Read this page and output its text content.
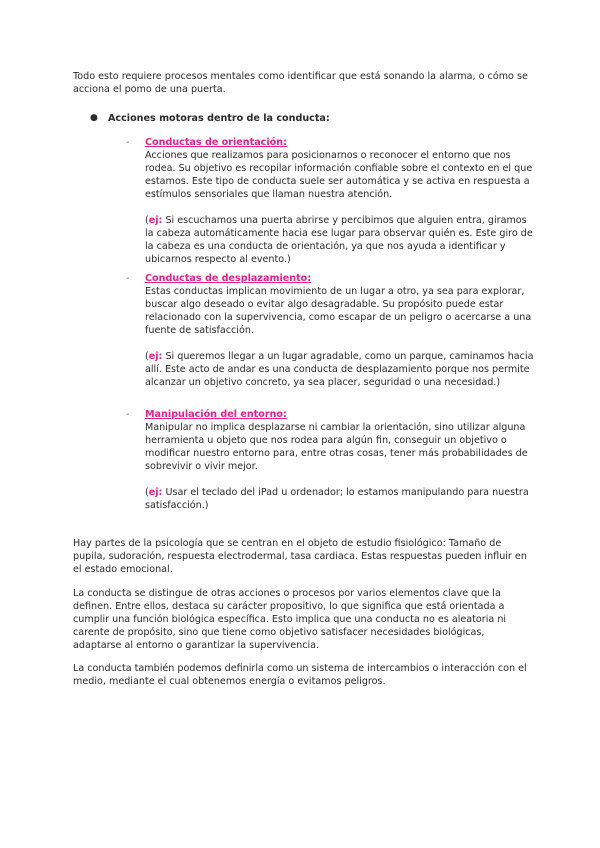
Todo esto requiere procesos mentales como identificar que está sonando la alarma, o cómo se acciona el pomo de una puerta.

● Acciones motoras dentro de la conducta:
- Conductas de orientación:

Acciones que realizamos para posicionarnos o reconocer el entorno que nos rodea. Su objetivo es recopilar información confiable sobre el contexto en el que estamos. Este tipo de conducta suele ser automática y se activa en respuesta a estímulos sensoriales que llaman nuestra atención.

(ej: Si escuchamos una puerta abrirse y percibimos que alguien entra, giramos la cabeza automáticamente hacia ese lugar para observar quién es. Este giro de la cabeza es una conducta de orientación, ya que nos ayuda a identificar y ubicarnos respecto al evento.)

- Conductas de desplazamiento:

Estas conductas implican movimiento de un lugar a otro, ya sea para explorar, buscar algo deseado o evitar algo desagradable. Su propósito puede estar relacionado con la supervivencia, como escapar de un peligro o acercarse a una fuente de satisfacción.

(ej: Si queremos llegar a un lugar agradable, como un parque, caminamos hacia allí. Este acto de andar es una conducta de desplazamiento porque nos permite alcanzar un objetivo concreto, ya sea placer, seguridad o una necesidad.)

- Manipulación del entorno:

Manipular no implica desplazarse ni cambiar la orientación, sino utilizar alguna herramienta u objeto que nos rodea para algún fin, conseguir un objetivo o modificar nuestro entorno para, entre otras cosas, tener más probabilidades de sobrevivir o vivir mejor.

(ej: Usar el teclado del iPad u ordenador; lo estamos manipulando para nuestra satisfacción.)

Hay partes de la psicología que se centran en el objeto de estudio fisiológico: Tamaño de pupila, sudoración, respuesta electrodermal, tasa cardiaca. Estas respuestas pueden influir en el estado emocional.

La conducta se distingue de otras acciones o procesos por varios elementos clave que la definen. Entre ellos, destaca su carácter propositivo, lo que significa que está orientada a cumplir una función biológica específica. Esto implica que una conducta no es aleatoria ni carente de propósito, sino que tiene como objetivo satisfacer necesidades biológicas, adaptarse al entorno o garantizar la supervivencia.

La conducta también podemos definirla como un sistema de intercambios o interacción con el medio, mediante el cual obtenemos energía o evitamos peligros.
